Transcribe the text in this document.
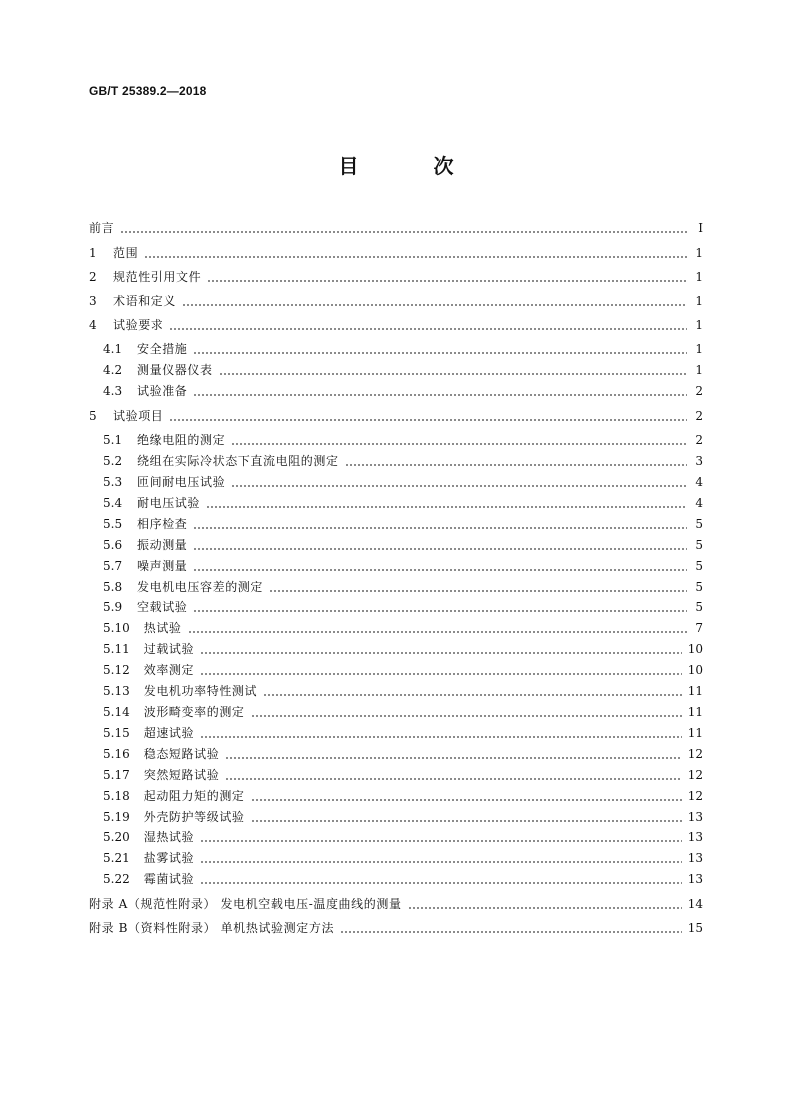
GB/T 25389.2—2018
目 次
前言	I
1	范围	1
2	规范性引用文件	1
3	术语和定义	1
4	试验要求	1
4.1 安全措施	1
4.2 测量仪器仪表	1
4.3 试验准备	2
5	试验项目	2
5.1 绝缘电阻的测定	2
5.2 绕组在实际冷状态下直流电阻的测定	3
5.3 匝间耐电压试验	4
5.4 耐电压试验	4
5.5 相序检查	5
5.6 振动测量	5
5.7 噪声测量	5
5.8 发电机电压容差的测定	5
5.9 空载试验	5
5.10 热试验	7
5.11 过载试验	10
5.12 效率测定	10
5.13 发电机功率特性测试	11
5.14 波形畸变率的测定	11
5.15 超速试验	11
5.16 稳态短路试验	12
5.17 突然短路试验	12
5.18 起动阻力矩的测定	12
5.19 外壳防护等级试验	13
5.20 湿热试验	13
5.21 盐雾试验	13
5.22 霉菌试验	13
附录 A（规范性附录） 发电机空载电压-温度曲线的测量	14
附录 B（资料性附录） 单机热试验测定方法	15
